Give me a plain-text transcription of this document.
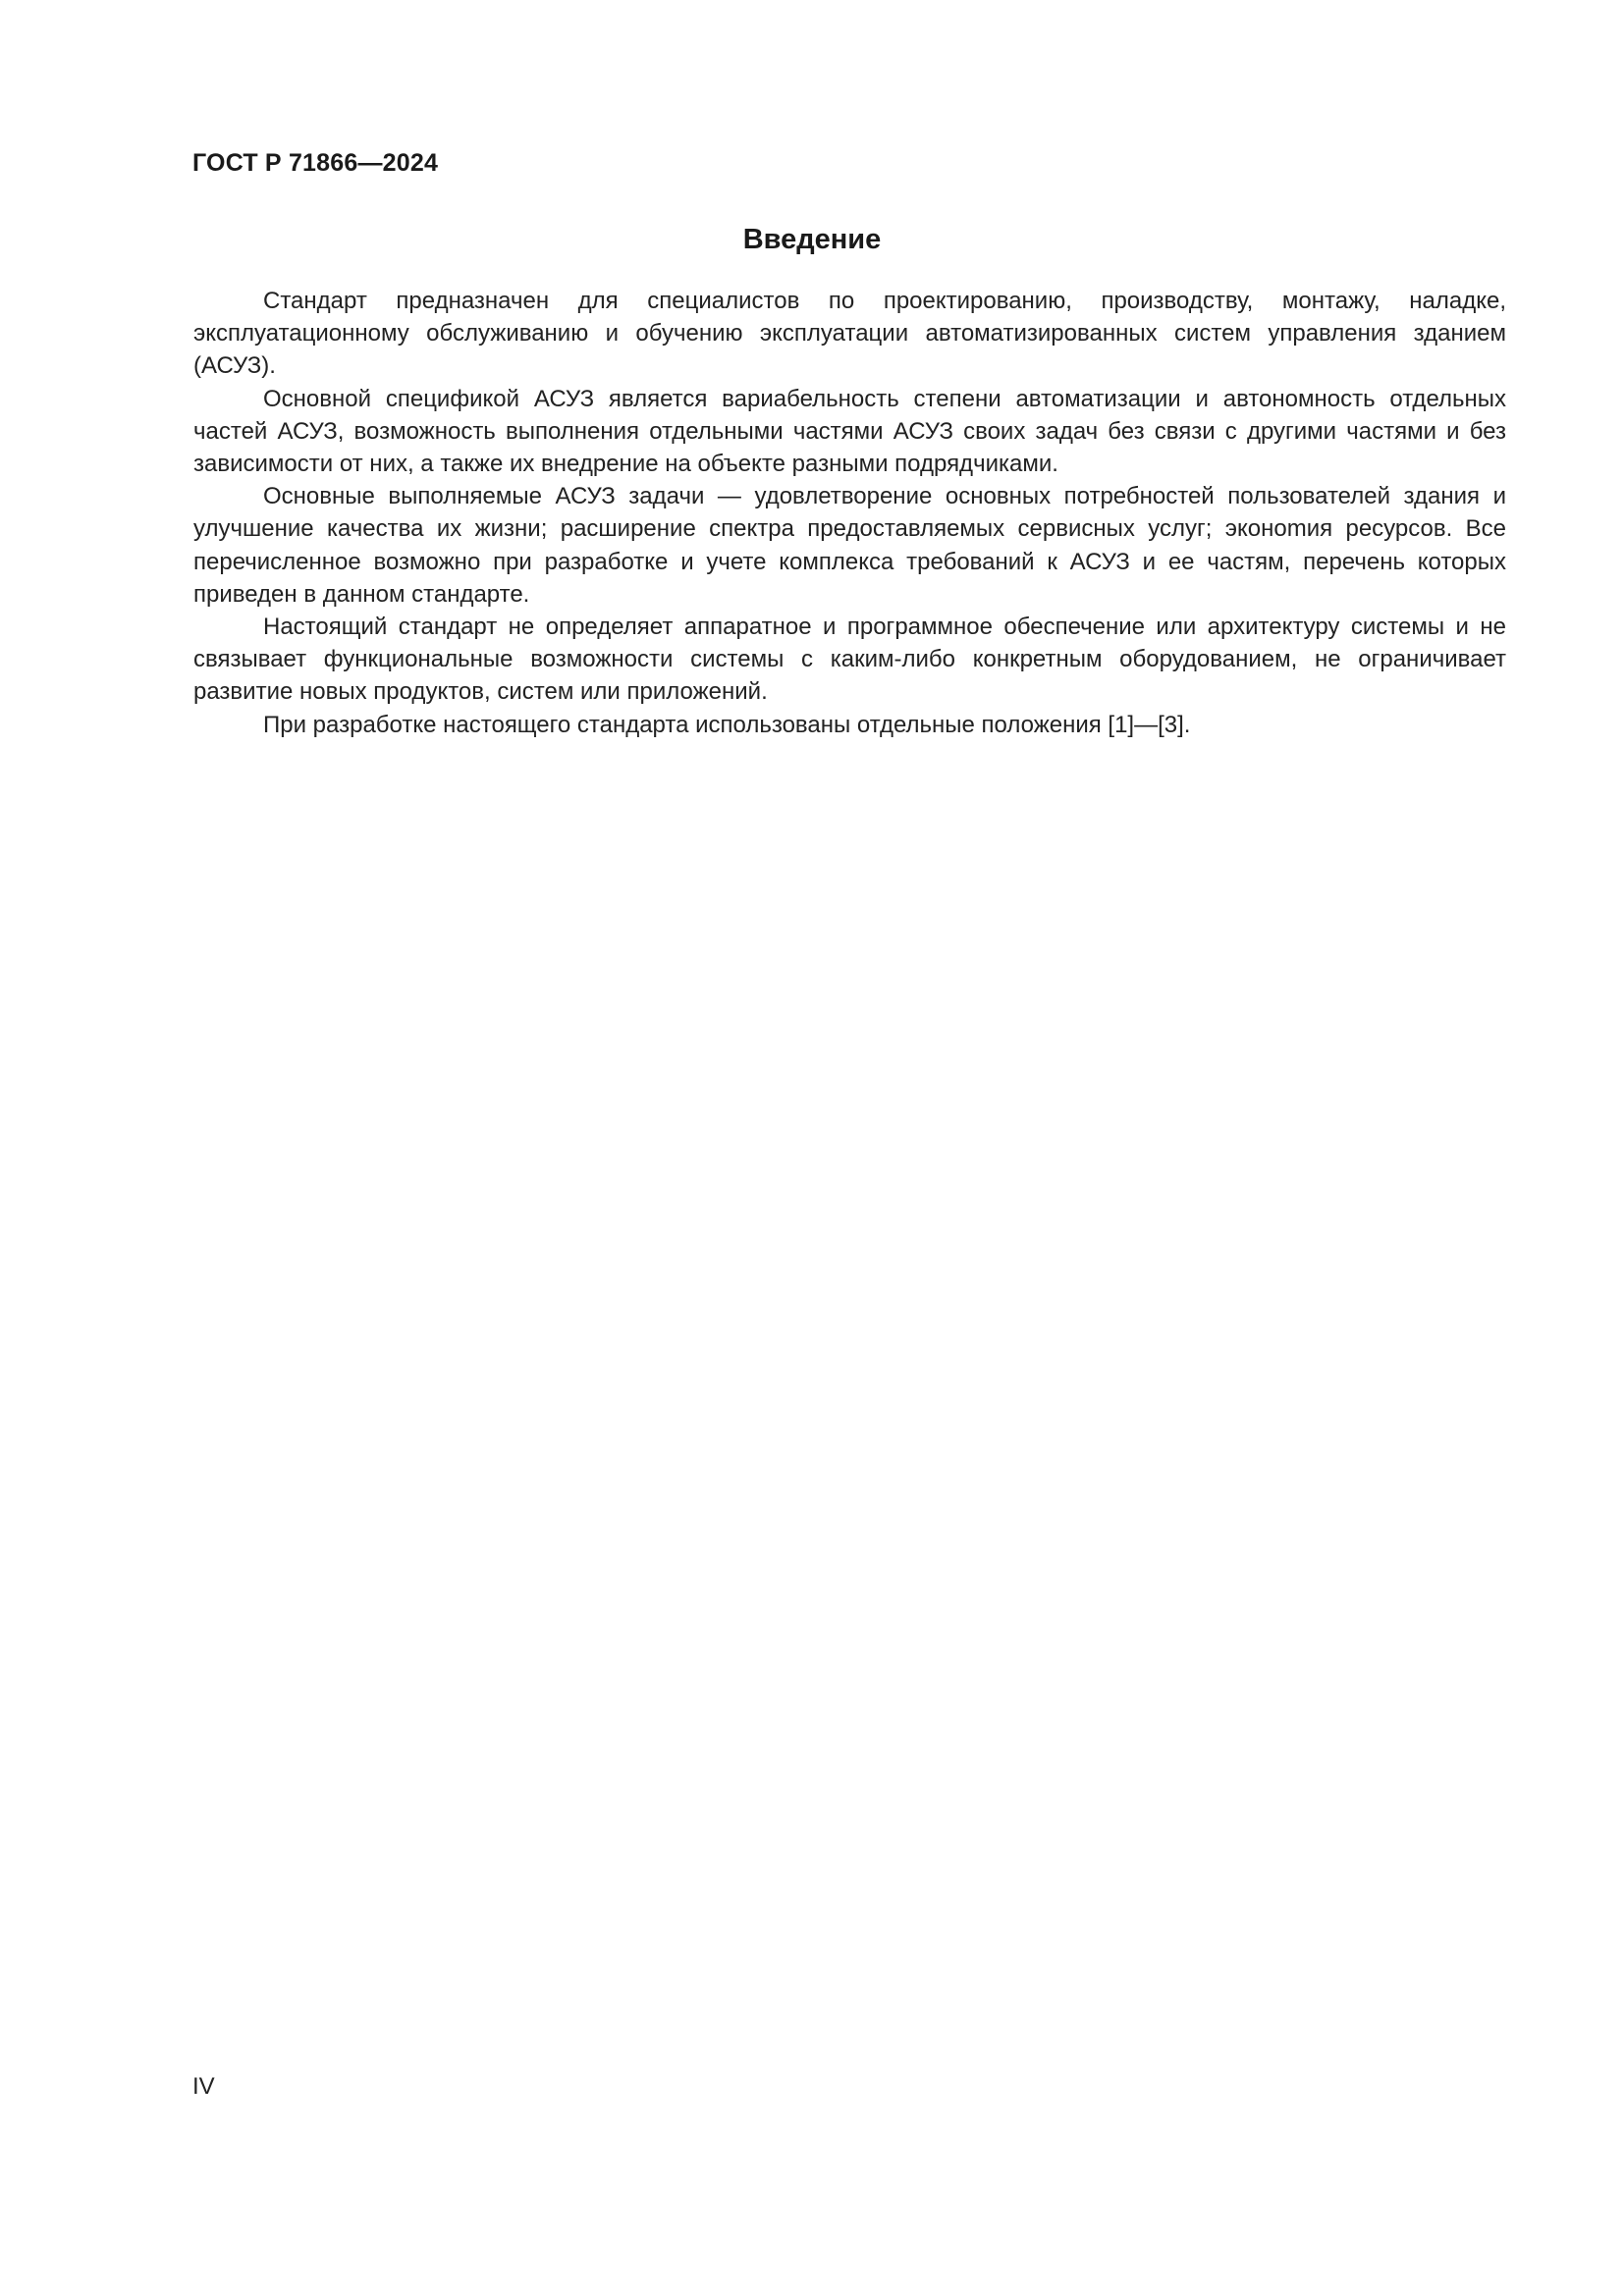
ГОСТ Р 71866—2024
Введение

Стандарт предназначен для специалистов по проектированию, производству, монтажу, наладке, эксплуатационному обслуживанию и обучению эксплуатации автоматизированных систем управления зданием (АСУЗ).

Основной спецификой АСУЗ является вариабельность степени автоматизации и автономность отдельных частей АСУЗ, возможность выполнения отдельными частями АСУЗ своих задач без связи с другими частями и без зависимости от них, а также их внедрение на объекте разными подрядчиками.

Основные выполняемые АСУЗ задачи — удовлетворение основных потребностей пользователей здания и улучшение качества их жизни; расширение спектра предоставляемых сервисных услуг; эконоmия ресурсов. Все перечисленное возможно при разработке и учете комплекса требований к АСУЗ и ее частям, перечень которых приведен в данном стандарте.

Настоящий стандарт не определяет аппаратное и программное обеспечение или архитектуру системы и не связывает функциональные возможности системы с каким-либо конкретным оборудованием, не ограничивает развитие новых продуктов, систем или приложений.

При разработке настоящего стандарта использованы отдельные положения [1]—[3].

IV
